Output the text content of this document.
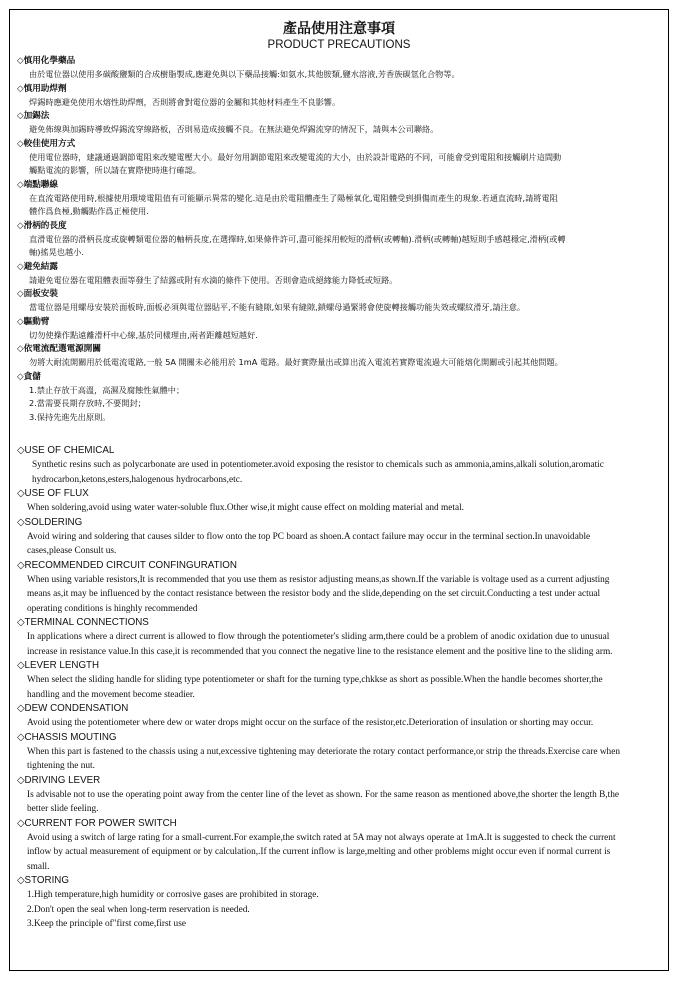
產品使用注意事項
PRODUCT PRECAUTIONS
◇慎用化學藥品
由於電位器以使用多碳酸鹽類的合成樹脂製成,應避免與以下藥品接觸:如氨水,其他胺類,鹽水溶液,芳香族碳氫化合物等。
◇慎用助焊劑
焊錫時應避免使用水熔性助焊劑，否則將會對電位器的金屬和其他材料產生不良影響。
◇加錫法
避免佈線與加錫時導致焊錫流穿線路板，否則易造成接觸不良。在無法避免焊錫流穿的情況下，請與本公司聯絡。
◇較佳使用方式
使用電位器時，建議通過調節電阻來改變電壓大小。最好勿用調節電阻來改變電流的大小，由於設計電路的不同，可能會受到電阻和接觸刷片這間動
觸點電流的影響，所以請在實際使時進行確認。
◇端點聯線
在直流電路使用時,根據使用環境電阻值有可能顯示異常的變化.這是由於電阻體產生了陽極氧化,電阻體受到損傷而產生的現象.若通直流時,請將電阻
體作爲負極,動觸點作爲正極使用.
◇滑柄的長度
直滑電位器的滑柄長度或旋轉類電位器的軸柄長度,在選擇時,如果條件許可,盡可能採用較短的滑柄(或轉軸).滑柄(或轉軸)越短則手感越穩定,滑柄(或轉
軸)搖晃也越小.
◇避免結露
請避免電位器在電阻體表面等發生了結露或附有水滴的條件下使用。否則會造成絕緣能力降低或短路。
◇面板安裝
當電位器是用螺母安裝於面板時,面板必須與電位器貼平,不能有縫隙,如果有縫隙,鎖螺母過緊將會使旋轉接觸功能失效或螺紋滑牙,請注意。
◇驅動臂
切勿使操作點遠離滑杆中心線,基於同樣理由,兩者距離越短越好.
◇依電流配選電源開關
勿將大耐流開關用於低電流電路,一般 5A 開關未必能用於 1mA 電路。最好實際量出或算出流入電流若實際電流過大可能熔化開關或引起其他問題。
◇貪儲
1.禁止存放于高溫，高濕及腐蝕性氣體中；
2.當需要長期存放時,不要開封；
3.保持先進先出原則。
◇USE OF CHEMICAL
Synthetic resins such as polycarbonate are used in potentiometer.avoid exposing the resistor to chemicals such as ammonia,amins,alkali solution,aromatic
hydrocarbon,ketons,esters,halogenous hydrocarbons,etc.
◇USE OF FLUX
When soldering,avoid using water water-soluble flux.Other wise,it might cause effect on molding material and metal.
◇SOLDERING
Avoid wiring and soldering that causes silder to flow onto the top PC board as shoen.A contact failure may occur in the terminal section.In unavoidable
cases,please Consult us.
◇RECOMMENDED CIRCUIT CONFINGURATION
When using variable resistors,It is recommended that you use them as resistor adjusting means,as shown.If the variable is voltage used as a current adjusting
means as,it may be influenced by the contact resistance between the resistor body and the slide,depending on the set circuit.Conducting a test under actual
operating conditions is hinghly recommended
◇TERMINAL CONNECTIONS
In applications where a direct current is allowed to flow through the potentiometer's sliding arm,there could be a problem of anodic oxidation due to unusual
increase in resistance value.In this case,it is recommended that you connect the negative line to the resistance element and the positive line to the sliding arm.
◇LEVER LENGTH
When select the sliding handle for sliding type potentiometer or shaft for the turning type,chkkse as short as possible.When the handle becomes shorter,the
handling and the movement become steadier.
◇DEW CONDENSATION
Avoid using the potentiometer where dew or water drops might occur on the surface of the resistor,etc.Deterioration of insulation or shorting may occur.
◇CHASSIS MOUTING
When this part is fastened to the chassis using a nut,excessive tightening may deteriorate the rotary contact performance,or strip the threads.Exercise care when
tightening the nut.
◇DRIVING LEVER
Is advisable not to use the operating point away from the center line of the levet as shown. For the same reason as mentioned above,the shorter the length B,the
better slide feeling.
◇CURRENT FOR POWER SWITCH
Avoid using a switch of large rating for a small-current.For example,the switch rated at 5A may not always operate at 1mA.It is suggested to check the current
inflow by actual measurement of equipment or by calculation,.If the current inflow is large,melting and other problems might occur even if normal current is
small.
◇STORING
1.High temperature,high humidity or corrosive gases are prohibited in storage.
2.Don't open the seal when long-term reservation is needed.
3.Keep the principle of"first come,first use
